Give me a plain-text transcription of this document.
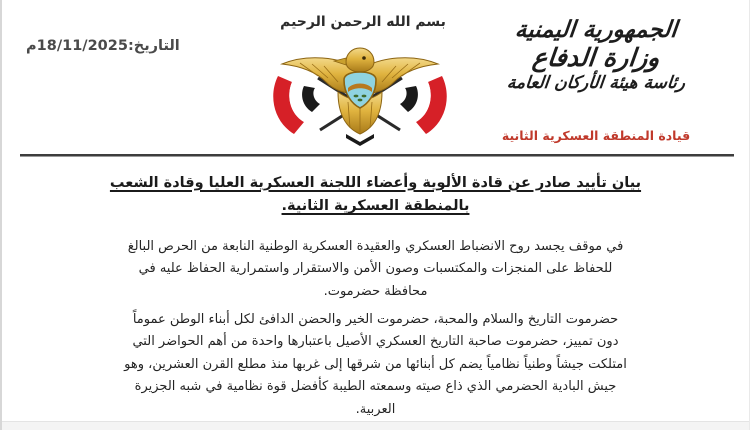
التاريخ:18/11/2025م
بسم الله الرحمن الرحيم	الجمهورية اليمنية
وزارة الدفاع
رئاسة هيئة الأركان العامة
قيادة المنطقة العسكرية الثانية
بيان تأييد صادر عن قادة الألوية وأعضاء اللجنة العسكرية العليا وقادة الشعب
بالمنطقة العسكرية الثانية.

في موقف يجسد روح الانضباط العسكري والعقيدة العسكرية الوطنية النابعة من الحرص البالغ للحفاظ على المنجزات والمكتسبات وصون الأمن والاستقرار واستمرارية الحفاظ عليه في محافظة حضرموت.

حضرموت التاريخ والسلام والمحبة، حضرموت الخير والحضن الدافئ لكل أبناء الوطن عموماً دون تمييز، حضرموت صاحبة التاريخ العسكري الأصيل باعتبارها واحدة من أهم الحواضر التي امتلكت جيشاً وطنياً نظامياً يضم كل أبنائها من شرقها إلى غربها منذ مطلع القرن العشرين، وهو جيش البادية الحضرمي الذي ذاع صيته وسمعته الطيبة كأفضل قوة نظامية في شبه الجزيرة العربية.
